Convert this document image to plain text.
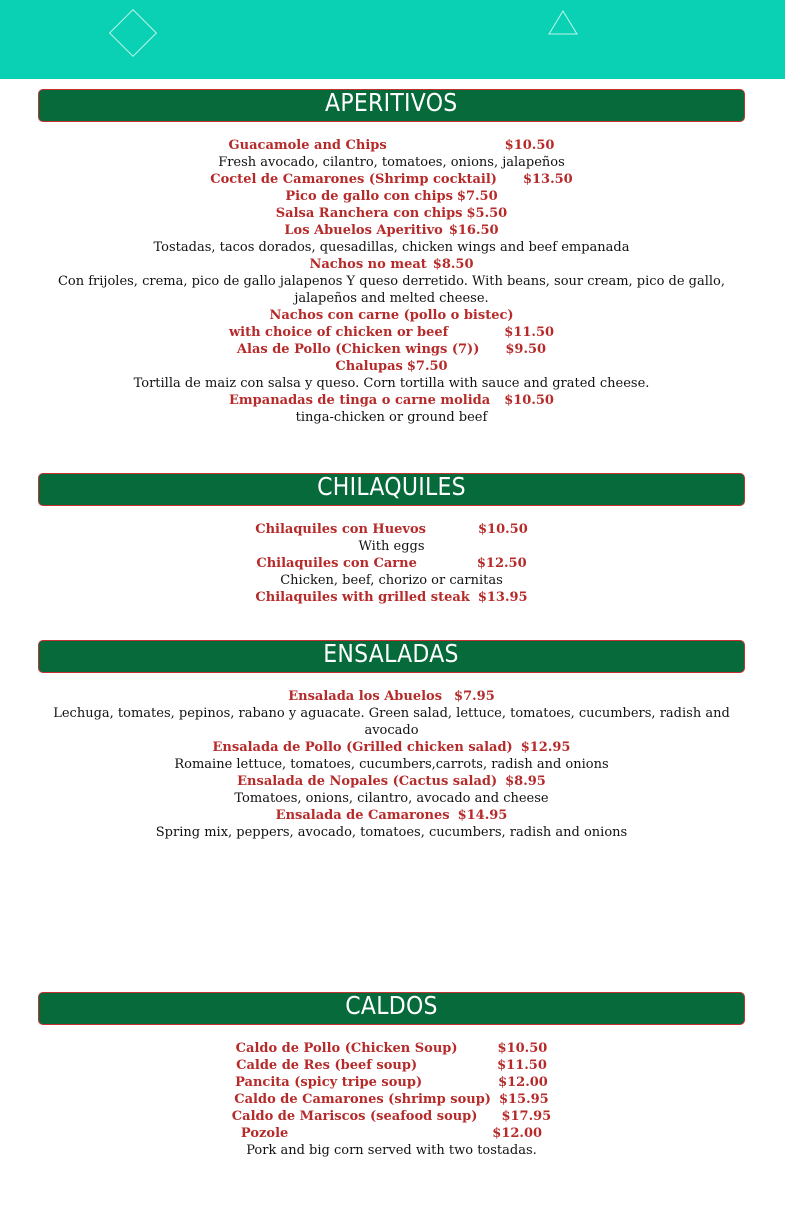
APERITIVOS
Guacamole and Chips	$10.50
Fresh avocado, cilantro, tomatoes, onions, jalapeños
Coctel de Camarones (Shrimp cocktail) $13.50
Pico de gallo con chips $7.50
Salsa Ranchera con chips $5.50
Los Abuelos Aperitivo $16.50
Tostadas, tacos dorados, quesadillas, chicken wings and beef empanada
Nachos no meat $8.50
Con frijoles, crema, pico de gallo jalapenos Y queso derretido. With beans, sour cream, pico de gallo, jalapeños and melted cheese.
Nachos con carne (pollo o bistec)
with choice of chicken or beef	$11.50
Alas de Pollo (Chicken wings (7)) $9.50
Chalupas $7.50
Tortilla de maiz con salsa y queso. Corn tortilla with sauce and grated cheese.
Empanadas de tinga o carne molida $10.50
tinga-chicken or ground beef
CHILAQUILES
Chilaquiles con Huevos	$10.50
With eggs
Chilaquiles con Carne	$12.50
Chicken, beef, chorizo or carnitas
Chilaquiles with grilled steak $13.95
ENSALADAS
Ensalada los Abuelos $7.95
Lechuga, tomates, pepinos, rabano y aguacate. Green salad, lettuce, tomatoes, cucumbers, radish and avocado
Ensalada de Pollo (Grilled chicken salad) $12.95
Romaine lettuce, tomatoes, cucumbers,carrots, radish and onions
Ensalada de Nopales (Cactus salad) $8.95
Tomatoes, onions, cilantro, avocado and cheese
Ensalada de Camarones $14.95
Spring mix, peppers, avocado, tomatoes, cucumbers, radish and onions
CALDOS
Caldo de Pollo (Chicken Soup)	$10.50
Calde de Res (beef soup)	$11.50
Pancita (spicy tripe soup)	$12.00
Caldo de Camarones (shrimp soup) $15.95
Caldo de Mariscos (seafood soup) $17.95
Pozole	$12.00
Pork and big corn served with two tostadas.
